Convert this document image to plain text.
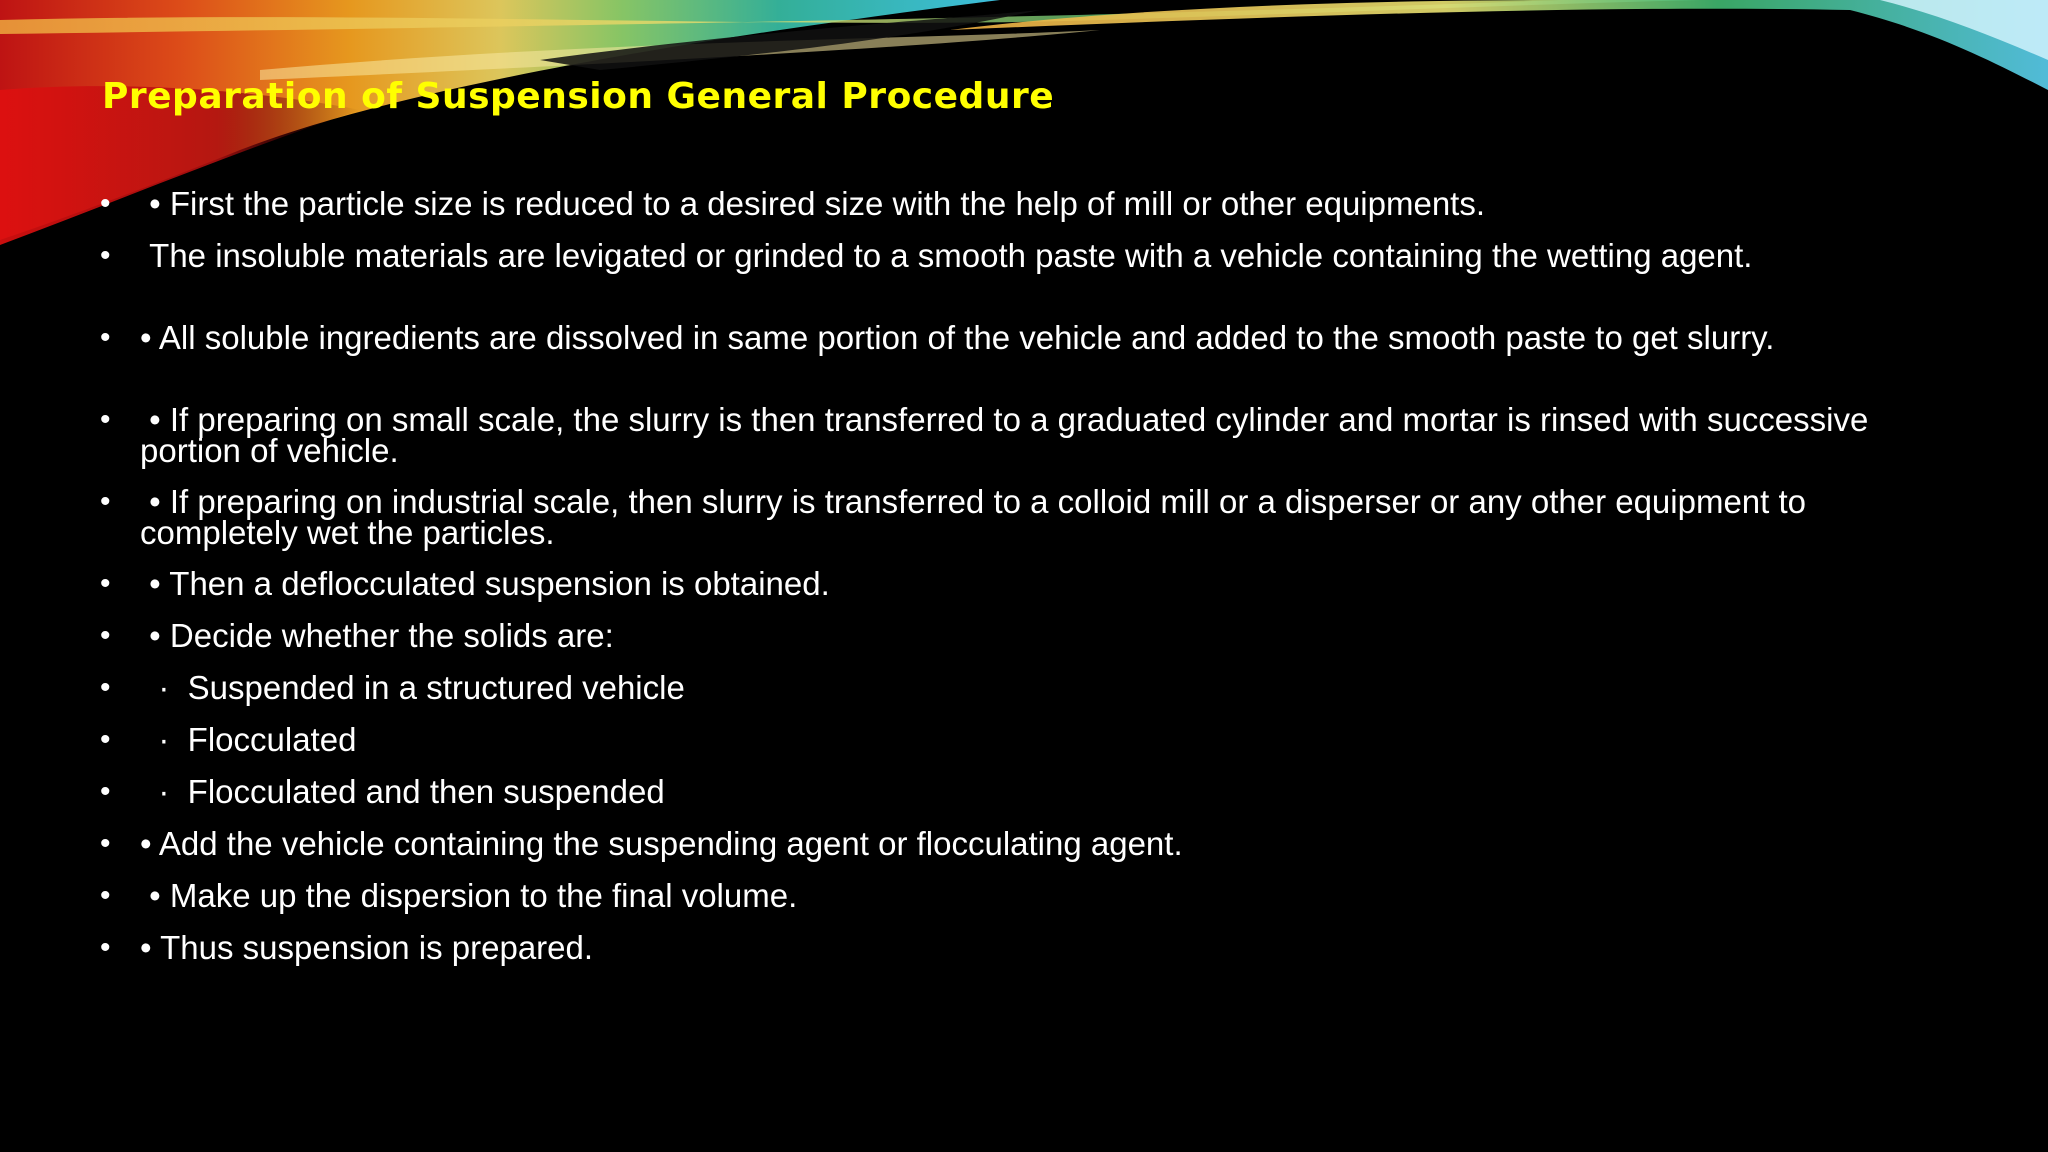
Preparation of Suspension General Procedure
• • First the particle size is reduced to a desired size with the help of mill or other equipments.
• The insoluble materials are levigated or grinded to a smooth paste with a vehicle containing the wetting agent.
• • All soluble ingredients are dissolved in same portion of the vehicle and added to the smooth paste to get slurry.
• • If preparing on small scale, the slurry is then transferred to a graduated cylinder and mortar is rinsed with successive portion of vehicle.
• • If preparing on industrial scale, then slurry is transferred to a colloid mill or a disperser or any other equipment to completely wet the particles.
• • Then a deflocculated suspension is obtained.
• • Decide whether the solids are:
• ·  Suspended in a structured vehicle
• ·  Flocculated
• ·  Flocculated and then suspended
• • Add the vehicle containing the suspending agent or flocculating agent.
• • Make up the dispersion to the final volume.
• • Thus suspension is prepared.
